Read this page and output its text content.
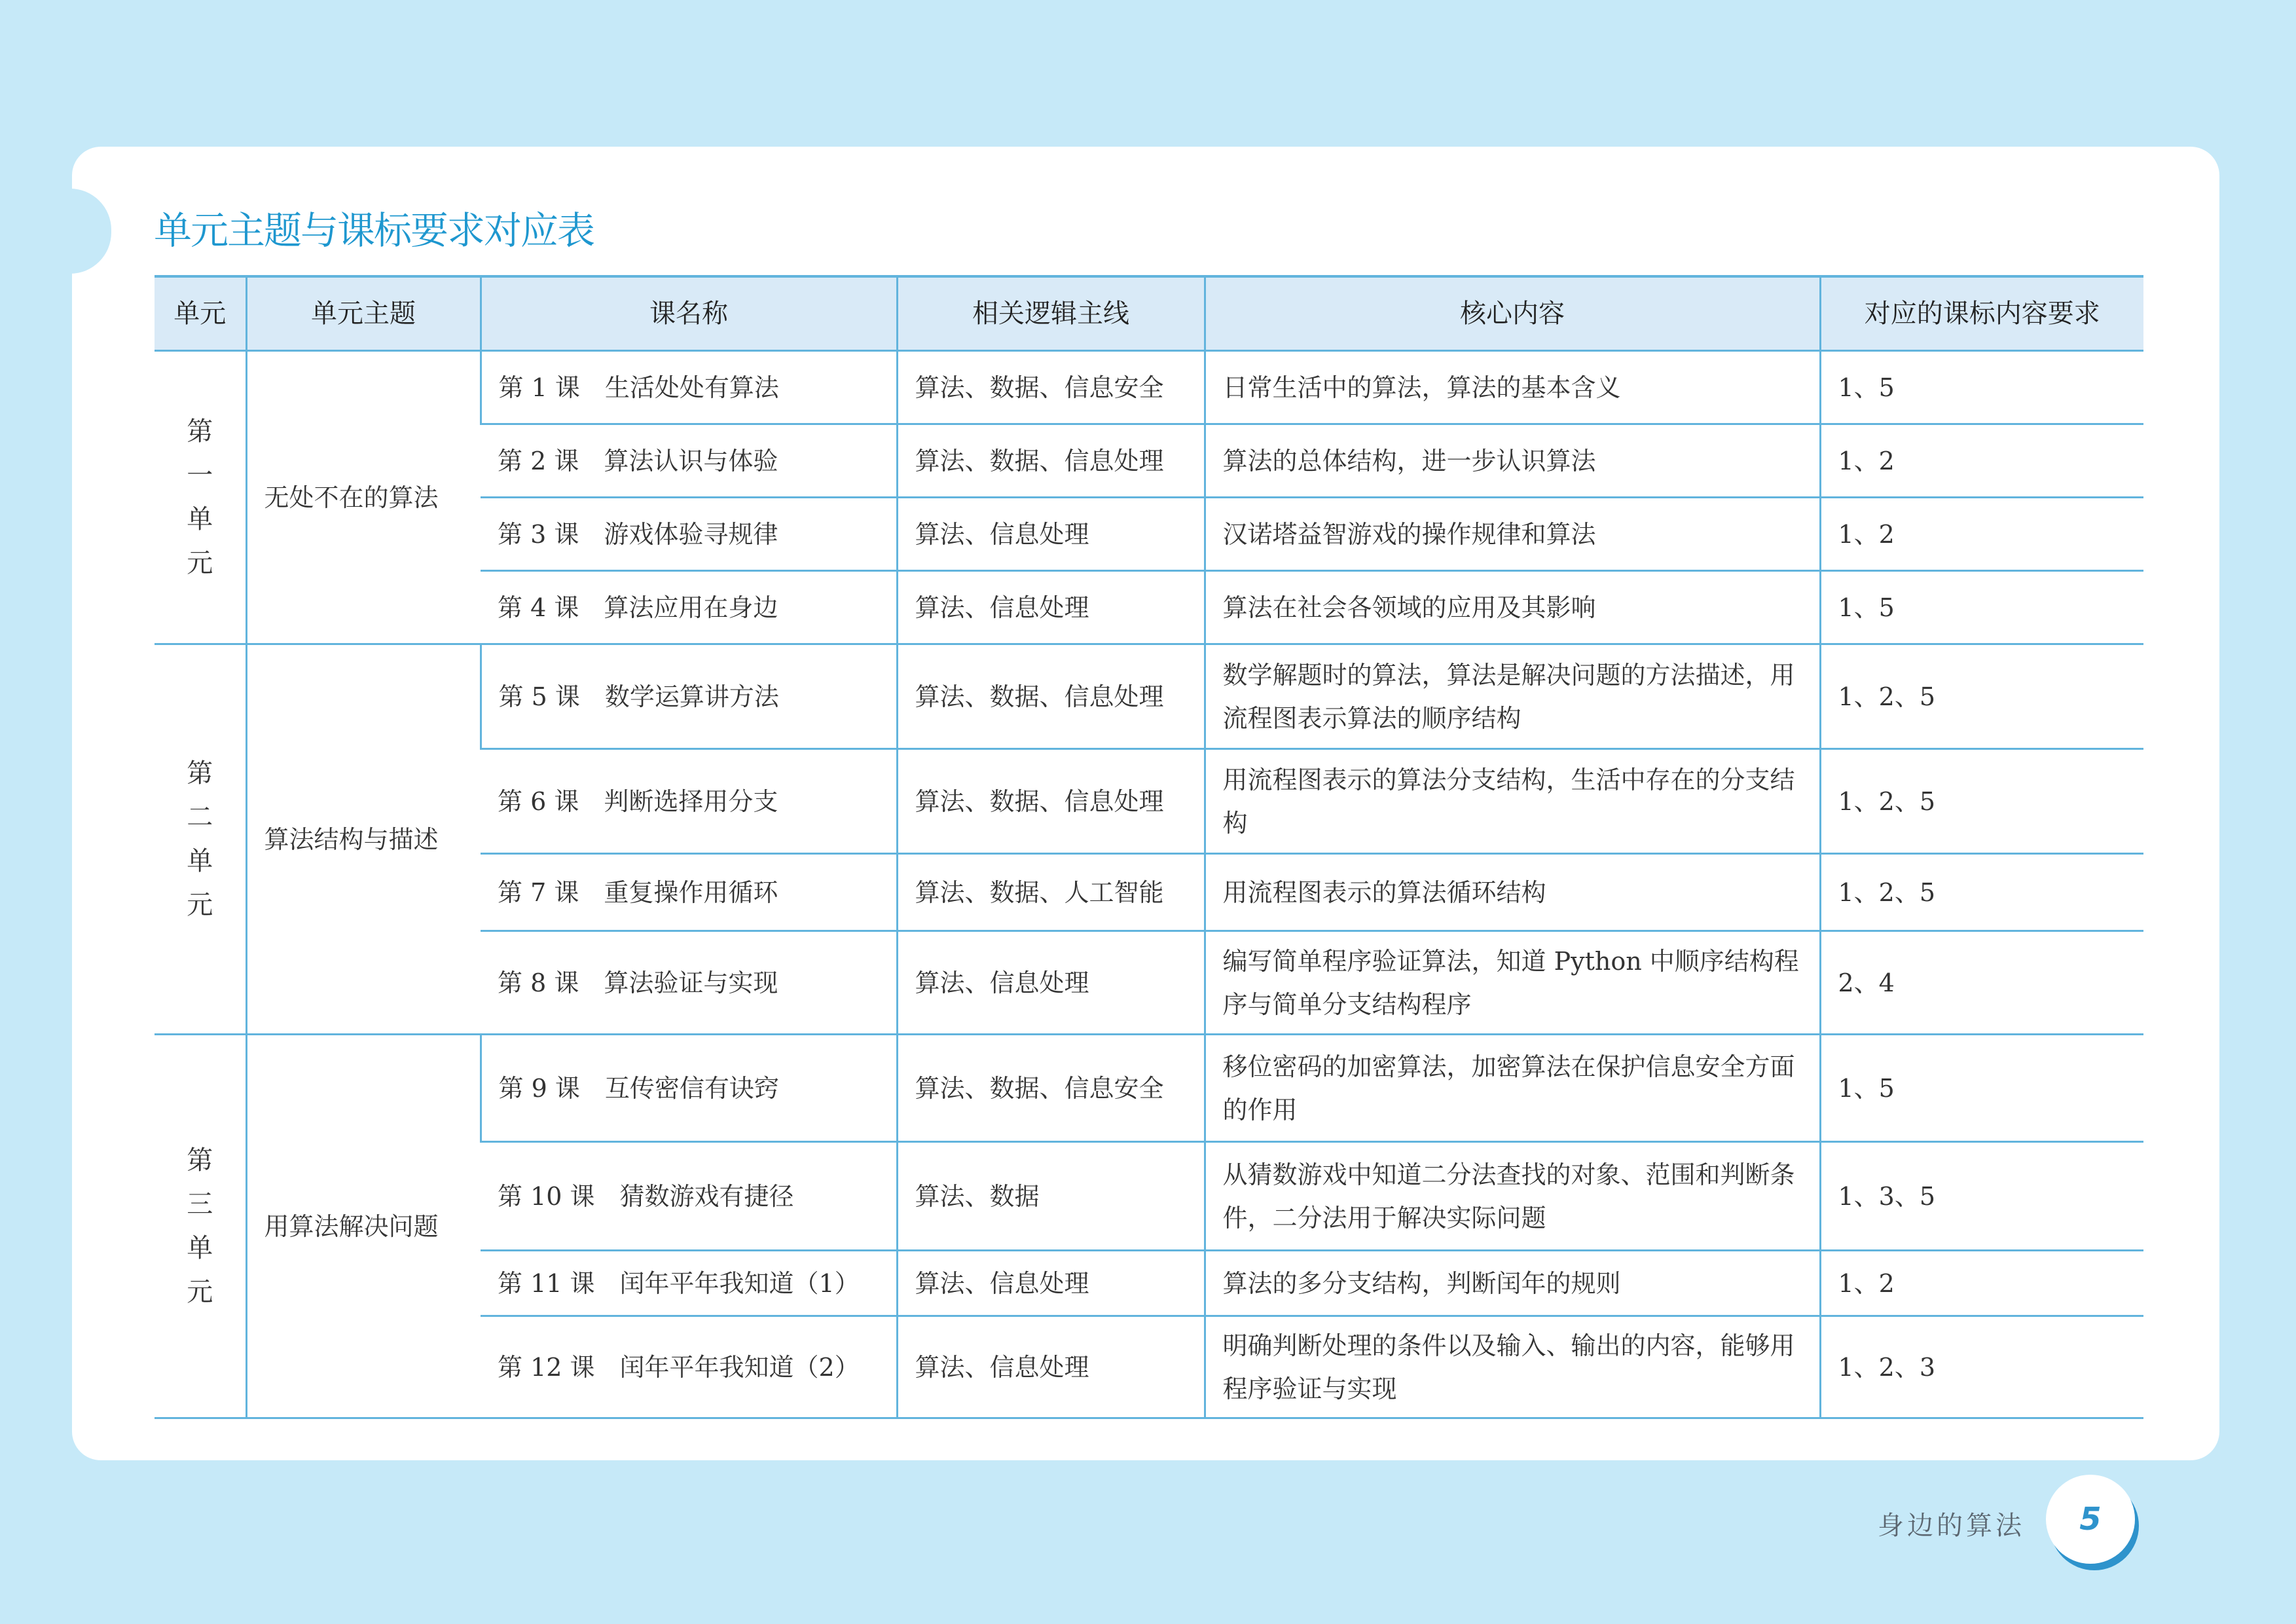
单元主题与课标要求对应表
单元	单元主题	课名称	相关逻辑主线	核心内容	对应的课标内容要求
第一单元	无处不在的算法	第 1 课　生活处处有算法	算法、数据、信息安全	日常生活中的算法，算法的基本含义	1、5
		第 2 课　算法认识与体验	算法、数据、信息处理	算法的总体结构，进一步认识算法	1、2
		第 3 课　游戏体验寻规律	算法、信息处理	汉诺塔益智游戏的操作规律和算法	1、2
		第 4 课　算法应用在身边	算法、信息处理	算法在社会各领域的应用及其影响	1、5
第二单元	算法结构与描述	第 5 课　数学运算讲方法	算法、数据、信息处理	数学解题时的算法，算法是解决问题的方法描述，用流程图表示算法的顺序结构	1、2、5
		第 6 课　判断选择用分支	算法、数据、信息处理	用流程图表示的算法分支结构，生活中存在的分支结构	1、2、5
		第 7 课　重复操作用循环	算法、数据、人工智能	用流程图表示的算法循环结构	1、2、5
		第 8 课　算法验证与实现	算法、信息处理	编写简单程序验证算法，知道 Python 中顺序结构程序与简单分支结构程序	2、4
第三单元	用算法解决问题	第 9 课　互传密信有诀窍	算法、数据、信息安全	移位密码的加密算法，加密算法在保护信息安全方面的作用	1、5
		第 10 课　猜数游戏有捷径	算法、数据	从猜数游戏中知道二分法查找的对象、范围和判断条件，二分法用于解决实际问题	1、3、5
		第 11 课　闰年平年我知道（1）	算法、信息处理	算法的多分支结构，判断闰年的规则	1、2
		第 12 课　闰年平年我知道（2）	算法、信息处理	明确判断处理的条件以及输入、输出的内容，能够用程序验证与实现	1、2、3
身边的算法 5
